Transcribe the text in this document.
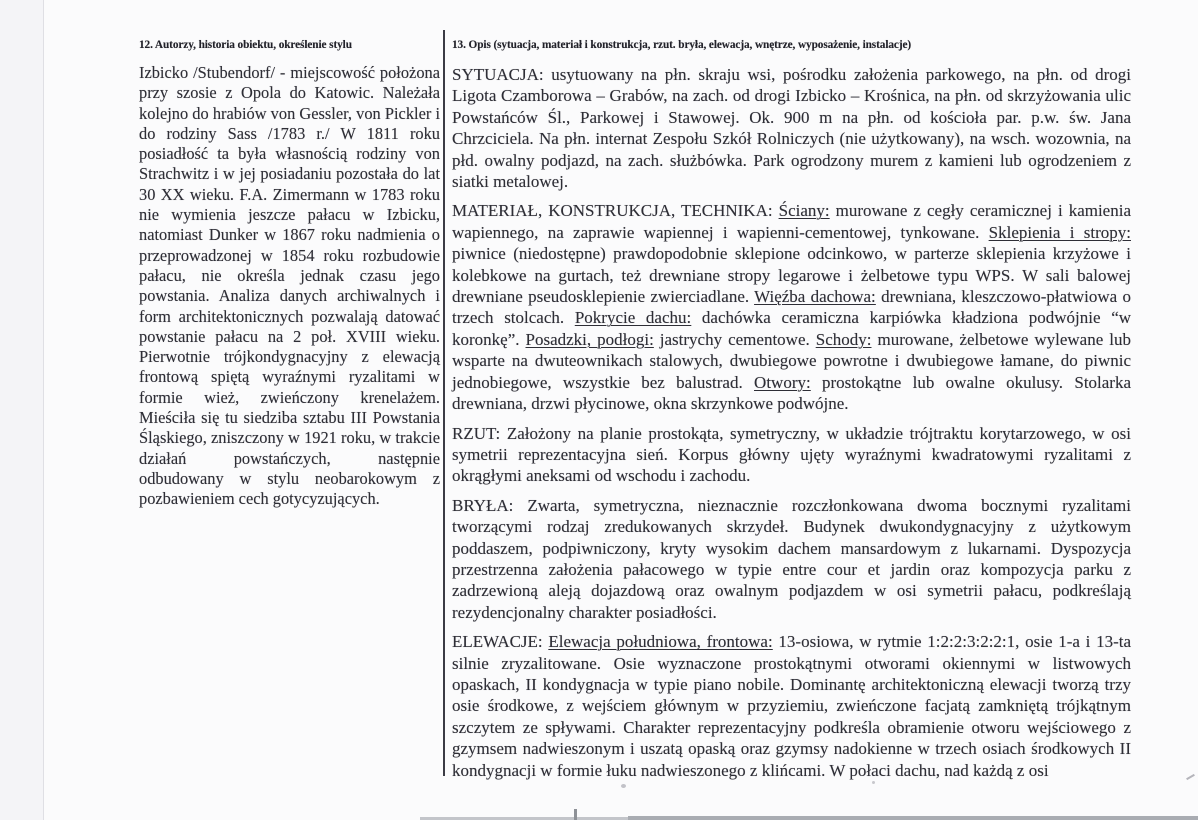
12. Autorzy, historia obiektu, określenie stylu
Izbicko /Stubendorf/ - miejscowość położona przy szosie z Opola do Katowic. Należała kolejno do hrabiów von Gessler, von Pickler i do rodziny Sass /1783 r./ W 1811 roku posiadłość ta była własnością rodziny von Strachwitz i w jej posiadaniu pozostała do lat 30 XX wieku. F.A. Zimermann w 1783 roku nie wymienia jeszcze pałacu w Izbicku, natomiast Dunker w 1867 roku nadmienia o przeprowadzonej w 1854 roku rozbudowie pałacu, nie określa jednak czasu jego powstania. Analiza danych archiwalnych i form architektonicznych pozwalają datować powstanie pałacu na 2 poł. XVIII wieku. Pierwotnie trójkondygnacyjny z elewacją frontową spiętą wyraźnymi ryzalitami w formie wież, zwieńczony krenelażem. Mieściła się tu siedziba sztabu III Powstania Śląskiego, zniszczony w 1921 roku, w trakcie działań powstańczych, następnie odbudowany w stylu neobarokowym z pozbawieniem cech gotycyzujących.
13. Opis (sytuacja, materiał i konstrukcja, rzut. bryła, elewacja, wnętrze, wyposażenie, instalacje)

SYTUACJA: usytuowany na płn. skraju wsi, pośrodku założenia parkowego, na płn. od drogi Ligota Czamborowa – Grabów, na zach. od drogi Izbicko – Krośnica, na płn. od skrzyżowania ulic Powstańców Śl., Parkowej i Stawowej. Ok. 900 m na płn. od kościoła par. p.w. św. Jana Chrzciciela. Na płn. internat Zespołu Szkół Rolniczych (nie użytkowany), na wsch. wozownia, na płd. owalny podjazd, na zach. służbówka. Park ogrodzony murem z kamieni lub ogrodzeniem z siatki metalowej.

MATERIAŁ, KONSTRUKCJA, TECHNIKA: Ściany: murowane z cegły ceramicznej i kamienia wapiennego, na zaprawie wapiennej i wapienni-cementowej, tynkowane. Sklepienia i stropy: piwnice (niedostępne) prawdopodobnie sklepione odcinkowo, w parterze sklepienia krzyżowe i kolebkowe na gurtach, też drewniane stropy legarowe i żelbetowe typu WPS. W sali balowej drewniane pseudosklepienie zwierciadlane. Więźba dachowa: drewniana, kleszczowo-płatwiowa o trzech stolcach. Pokrycie dachu: dachówka ceramiczna karpiówka kładziona podwójnie “w koronkę”. Posadzki, podłogi: jastrychy cementowe. Schody: murowane, żelbetowe wylewane lub wsparte na dwuteownikach stalowych, dwubiegowe powrotne i dwubiegowe łamane, do piwnic jednobiegowe, wszystkie bez balustrad. Otwory: prostokątne lub owalne okulusy. Stolarka drewniana, drzwi płycinowe, okna skrzynkowe podwójne.

RZUT: Założony na planie prostokąta, symetryczny, w układzie trójtraktu korytarzowego, w osi symetrii reprezentacyjna sień. Korpus główny ujęty wyraźnymi kwadratowymi ryzalitami z okrągłymi aneksami od wschodu i zachodu.

BRYŁA: Zwarta, symetryczna, nieznacznie rozczłonkowana dwoma bocznymi ryzalitami tworzącymi rodzaj zredukowanych skrzydeł. Budynek dwukondygnacyjny z użytkowym poddaszem, podpiwniczony, kryty wysokim dachem mansardowym z lukarnami. Dyspozycja przestrzenna założenia pałacowego w typie entre cour et jardin oraz kompozycja parku z zadrzewioną aleją dojazdową oraz owalnym podjazdem w osi symetrii pałacu, podkreślają rezydencjonalny charakter posiadłości.

ELEWACJE: Elewacja południowa, frontowa: 13-osiowa, w rytmie 1:2:2:3:2:2:1, osie 1-a i 13-ta silnie zryzalitowane. Osie wyznaczone prostokątnymi otworami okiennymi w listwowych opaskach, II kondygnacja w typie piano nobile. Dominantę architektoniczną elewacji tworzą trzy osie środkowe, z wejściem głównym w przyziemiu, zwieńczone facjatą zamkniętą trójkątnym szczytem ze spływami. Charakter reprezentacyjny podkreśla obramienie otworu wejściowego z gzymsem nadwieszonym i uszatą opaską oraz gzymsy nadokienne w trzech osiach środkowych II kondygnacji w formie łuku nadwieszonego z klińcami. W połaci dachu, nad każdą z osi
